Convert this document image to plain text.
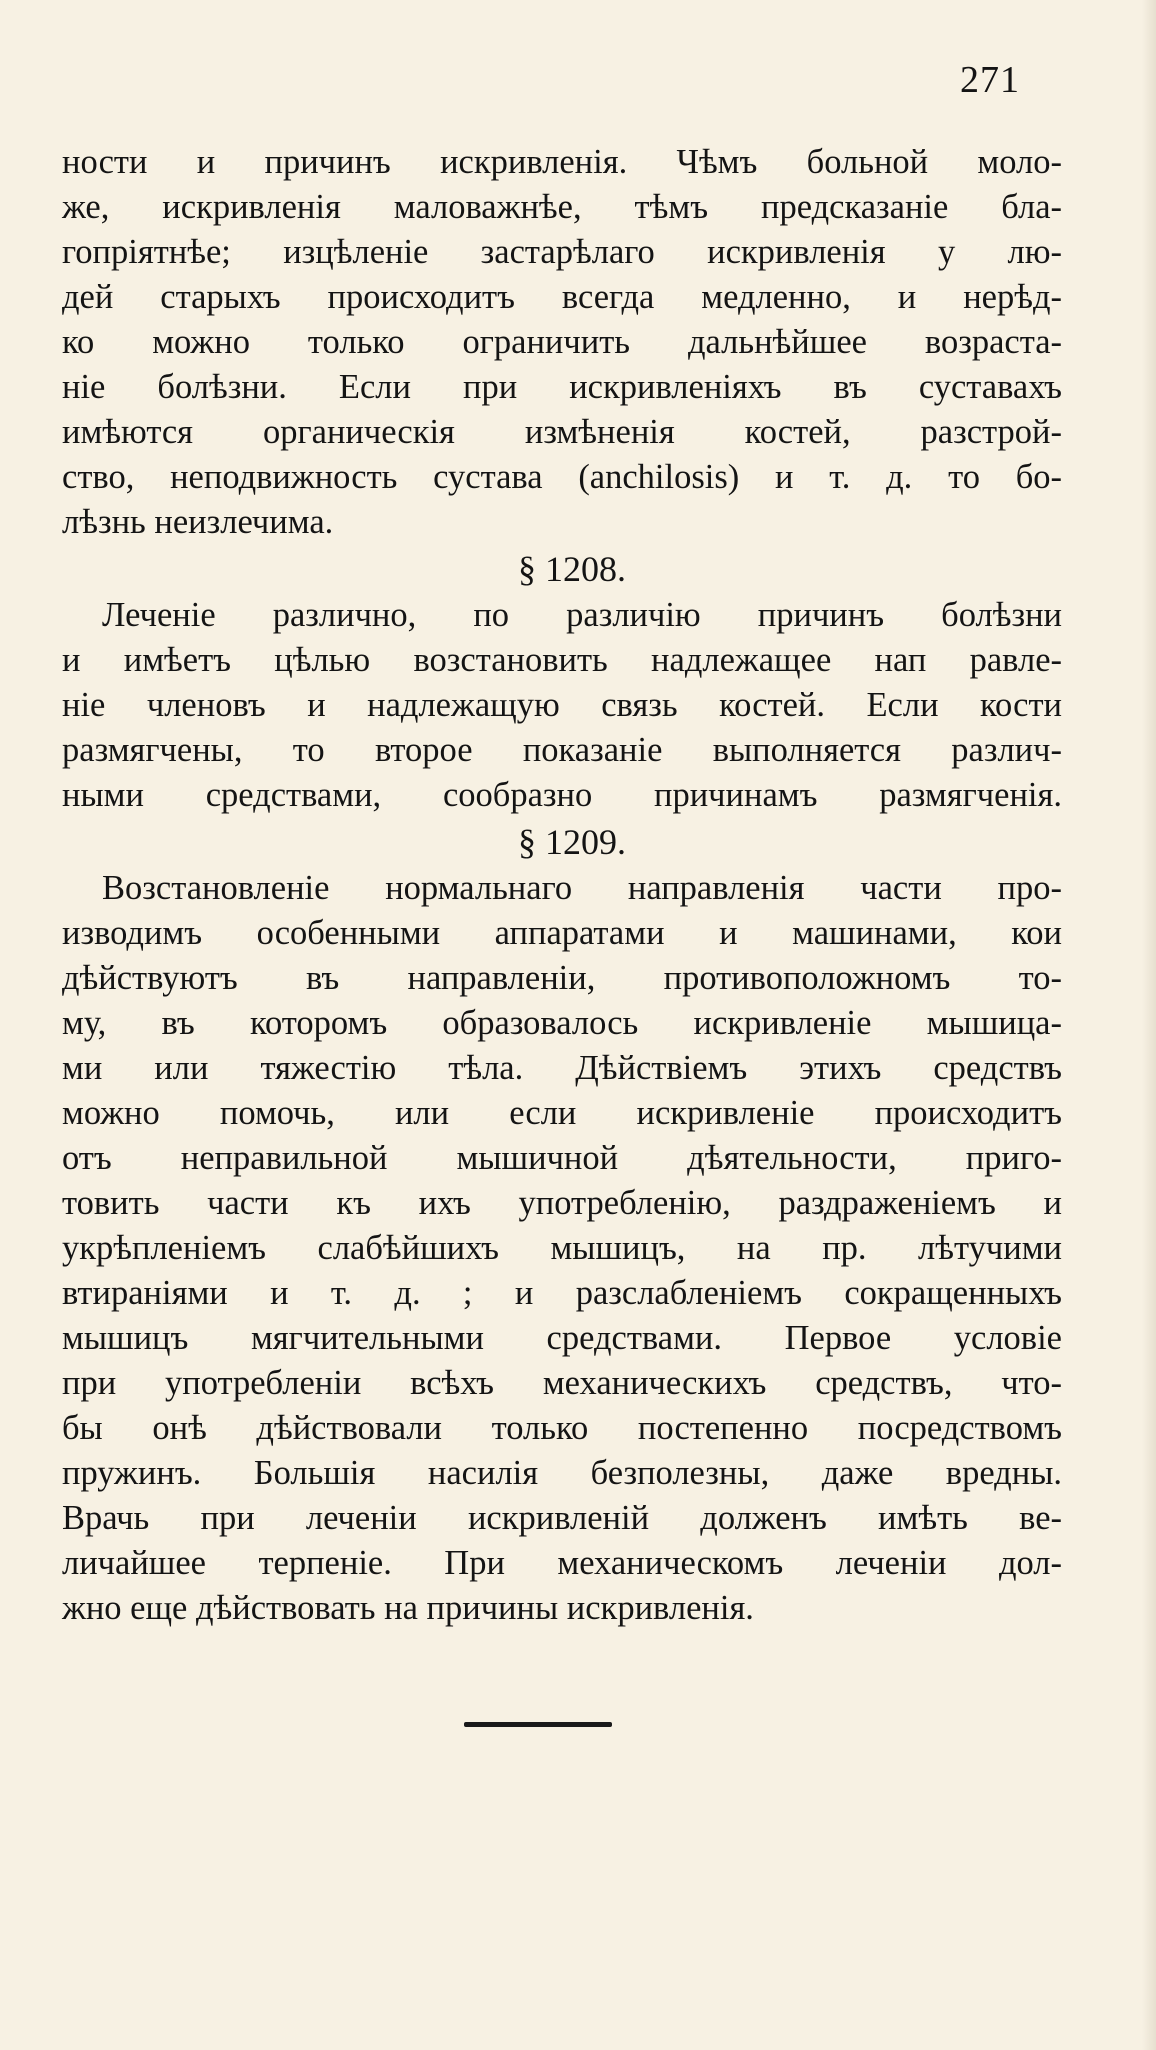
271
ности и причинъ искривленія. Чѣмъ больной моло-
же, искривленія маловажнѣе, тѣмъ предсказаніе бла-
гопріятнѣе; изцѣленіе застарѣлаго искривленія у лю-
дей старыхъ происходитъ всегда медленно, и нерѣд-
ко можно только ограничить дальнѣйшее возраста-
ніе болѣзни. Если при искривленіяхъ въ суставахъ
имѣются органическія измѣненія костей, разстрой-
ство, неподвижность сустава (anchilosis) и т. д. то бо-
лѣзнь неизлечима.
§ 1208.
Леченіе различно, по различію причинъ болѣзни
и имѣетъ цѣлью возстановить надлежащее нап равле-
ніе членовъ и надлежащую связь костей. Если кости
размягчены, то второе показаніе выполняется различ-
ными средствами, сообразно причинамъ размягченія.
§ 1209.
Возстановленіе нормальнаго направленія части про-
изводимъ особенными аппаратами и машинами, кои
дѣйствуютъ въ направленіи, противоположномъ то-
му, въ которомъ образовалось искривленіе мышица-
ми или тяжестію тѣла. Дѣйствіемъ этихъ средствъ
можно помочь, или если искривленіе происходитъ
отъ неправильной мышичной дѣятельности, приго-
товить части къ ихъ употребленію, раздраженіемъ и
укрѣпленіемъ слабѣйшихъ мышицъ, на пр. лѣтучими
втираніями и т. д. ; и разслабленіемъ сокращенныхъ
мышицъ мягчительными средствами. Первое условіе
при употребленіи всѣхъ механическихъ средствъ, что-
бы онѣ дѣйствовали только постепенно посредствомъ
пружинъ. Большія насилія безполезны, даже вредны.
Врачь при леченіи искривленій долженъ имѣть ве-
личайшее терпеніе. При механическомъ леченіи дол-
жно еще дѣйствовать на причины искривленія.
